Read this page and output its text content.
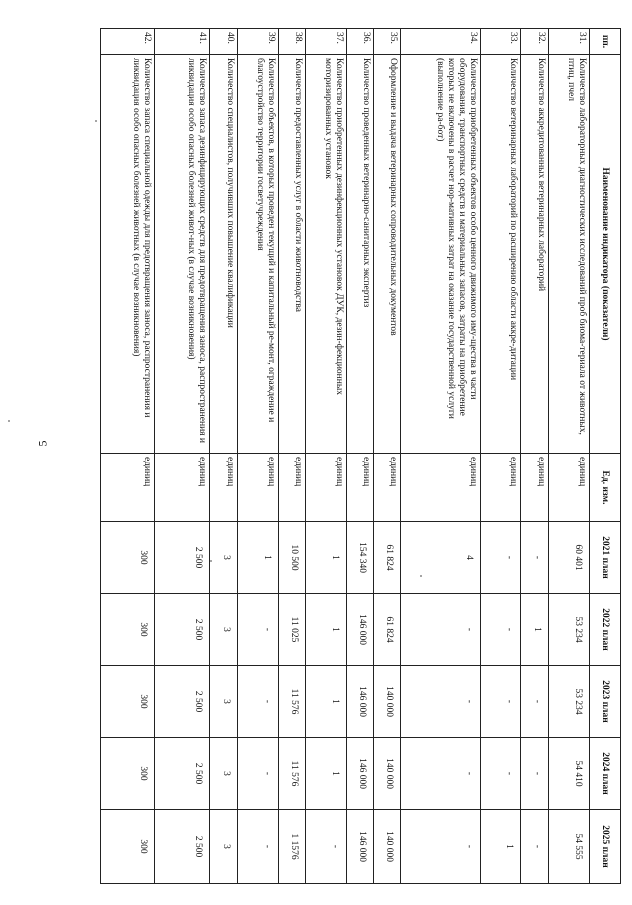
5
пп.	Наименование индикатора (показатели)	Ед. изм.	2021 план	2022 план	2023 план	2024 план	2025 план
31.	Количество лабораторных диагностических исследований проб биома-териала от животных, птиц, пчел	единиц	60 401	53 234	53 234	54 410	54 555
32.	Количество аккредитованных ветеринарных лабораторий	единиц	-	1	-	-	-
33.	Количество ветеринарных лабораторий по расширению области аккре-дитации	единиц	-	-	-	-	1
34.	Количество приобретенных объектов особо ценного движимого иму-щества в части оборудования, транспортных средств и материальных запасов, затраты на приобретение которых не включены в расчет нор-мативных затрат на оказание государственной услуги (выполнение ра-бот)	единиц	4	-	-	-	-
35.	Оформление и выдача ветеринарных сопроводительных документов	единиц	61 824	61 824	140 000	140 000	140 000
36.	Количество проведенных ветеринарно-санитарных экспертиз	единиц	154 340	146 000	146 000	146 000	146 000
37.	Количество приобретенных дезинфекционных установок ДУК, дезин-фекционных моторизированных установок	единиц	1	1	1	1	-
38.	Количество предоставленных услуг в области животноводства	единиц	10 500	11 025	11 576	11 576	1 1576
39.	Количество объектов, в которых проведен текущий и капитальный ре-монт, ограждение и благоустройство территории госветучреждения	единиц	1	-	-	-	-
40.	Количество специалистов, получивших повышение квалификации	единиц	3	3	3	3	3
41.	Количество запаса дезинфицирующих средств для предотвращения заноса, распространения и ликвидация особо опасных болезней живот-ных (в случае возникновения)	единиц	2 500	2 500	2 500	2 500	2 500
42.	Количество запаса специальной одежды для предотвращения заноса, распространения и ликвидация особо опасных болезней животных (в случае возникновения)	единиц	300	300	300	300	300
